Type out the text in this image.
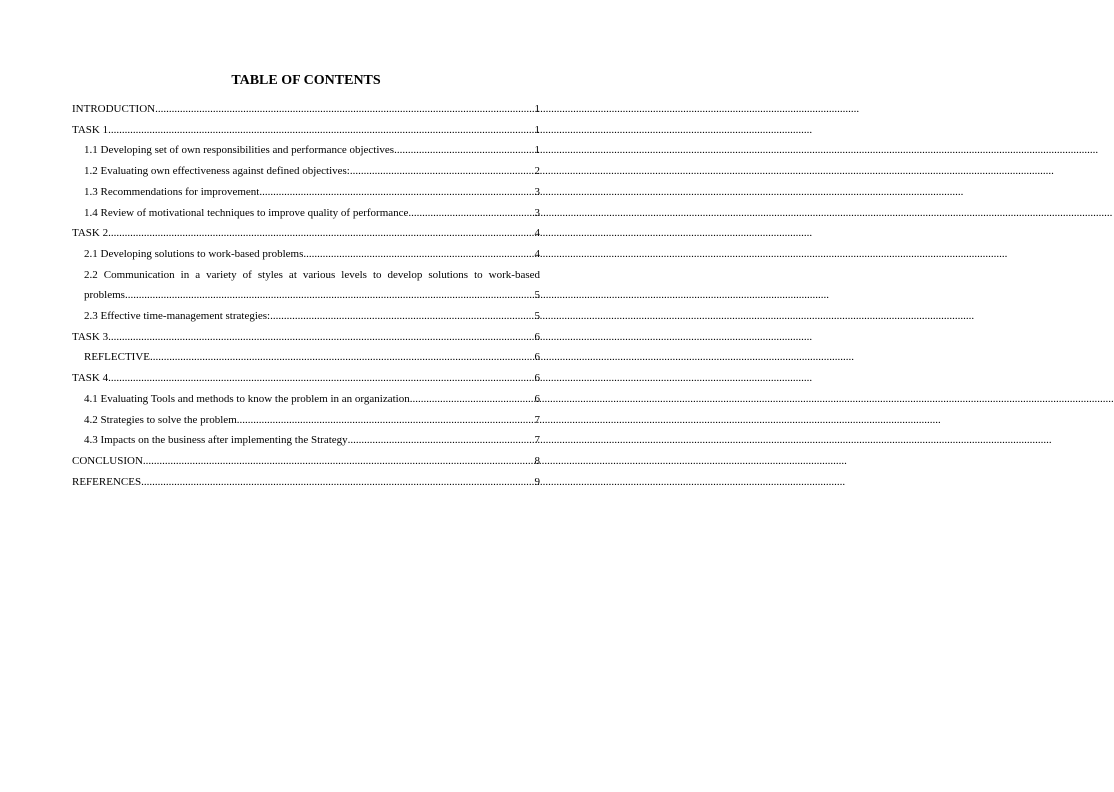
TABLE OF CONTENTS
INTRODUCTION .....	1
TASK 1 .....	1
1.1 Developing set of own responsibilities and performance objectives .....	1
1.2 Evaluating own effectiveness against defined objectives: .....	2
1.3 Recommendations for improvement .....	3
1.4 Review of motivational techniques to improve quality of performance .....	3
TASK 2 .....	4
2.1 Developing solutions to work-based problems .....	4
2.2 Communication in a variety of styles at various levels to develop solutions to work-based
problems .....	5
2.3 Effective time-management strategies: .....	5
TASK 3 .....	6
REFLECTIVE .....	6
TASK 4 .....	6
4.1 Evaluating Tools and methods to know the problem in an organization .....	6
4.2 Strategies to solve the problem .....	7
4.3 Impacts on the business after implementing the Strategy .....	7
CONCLUSION .....	8
REFERENCES .....	9
